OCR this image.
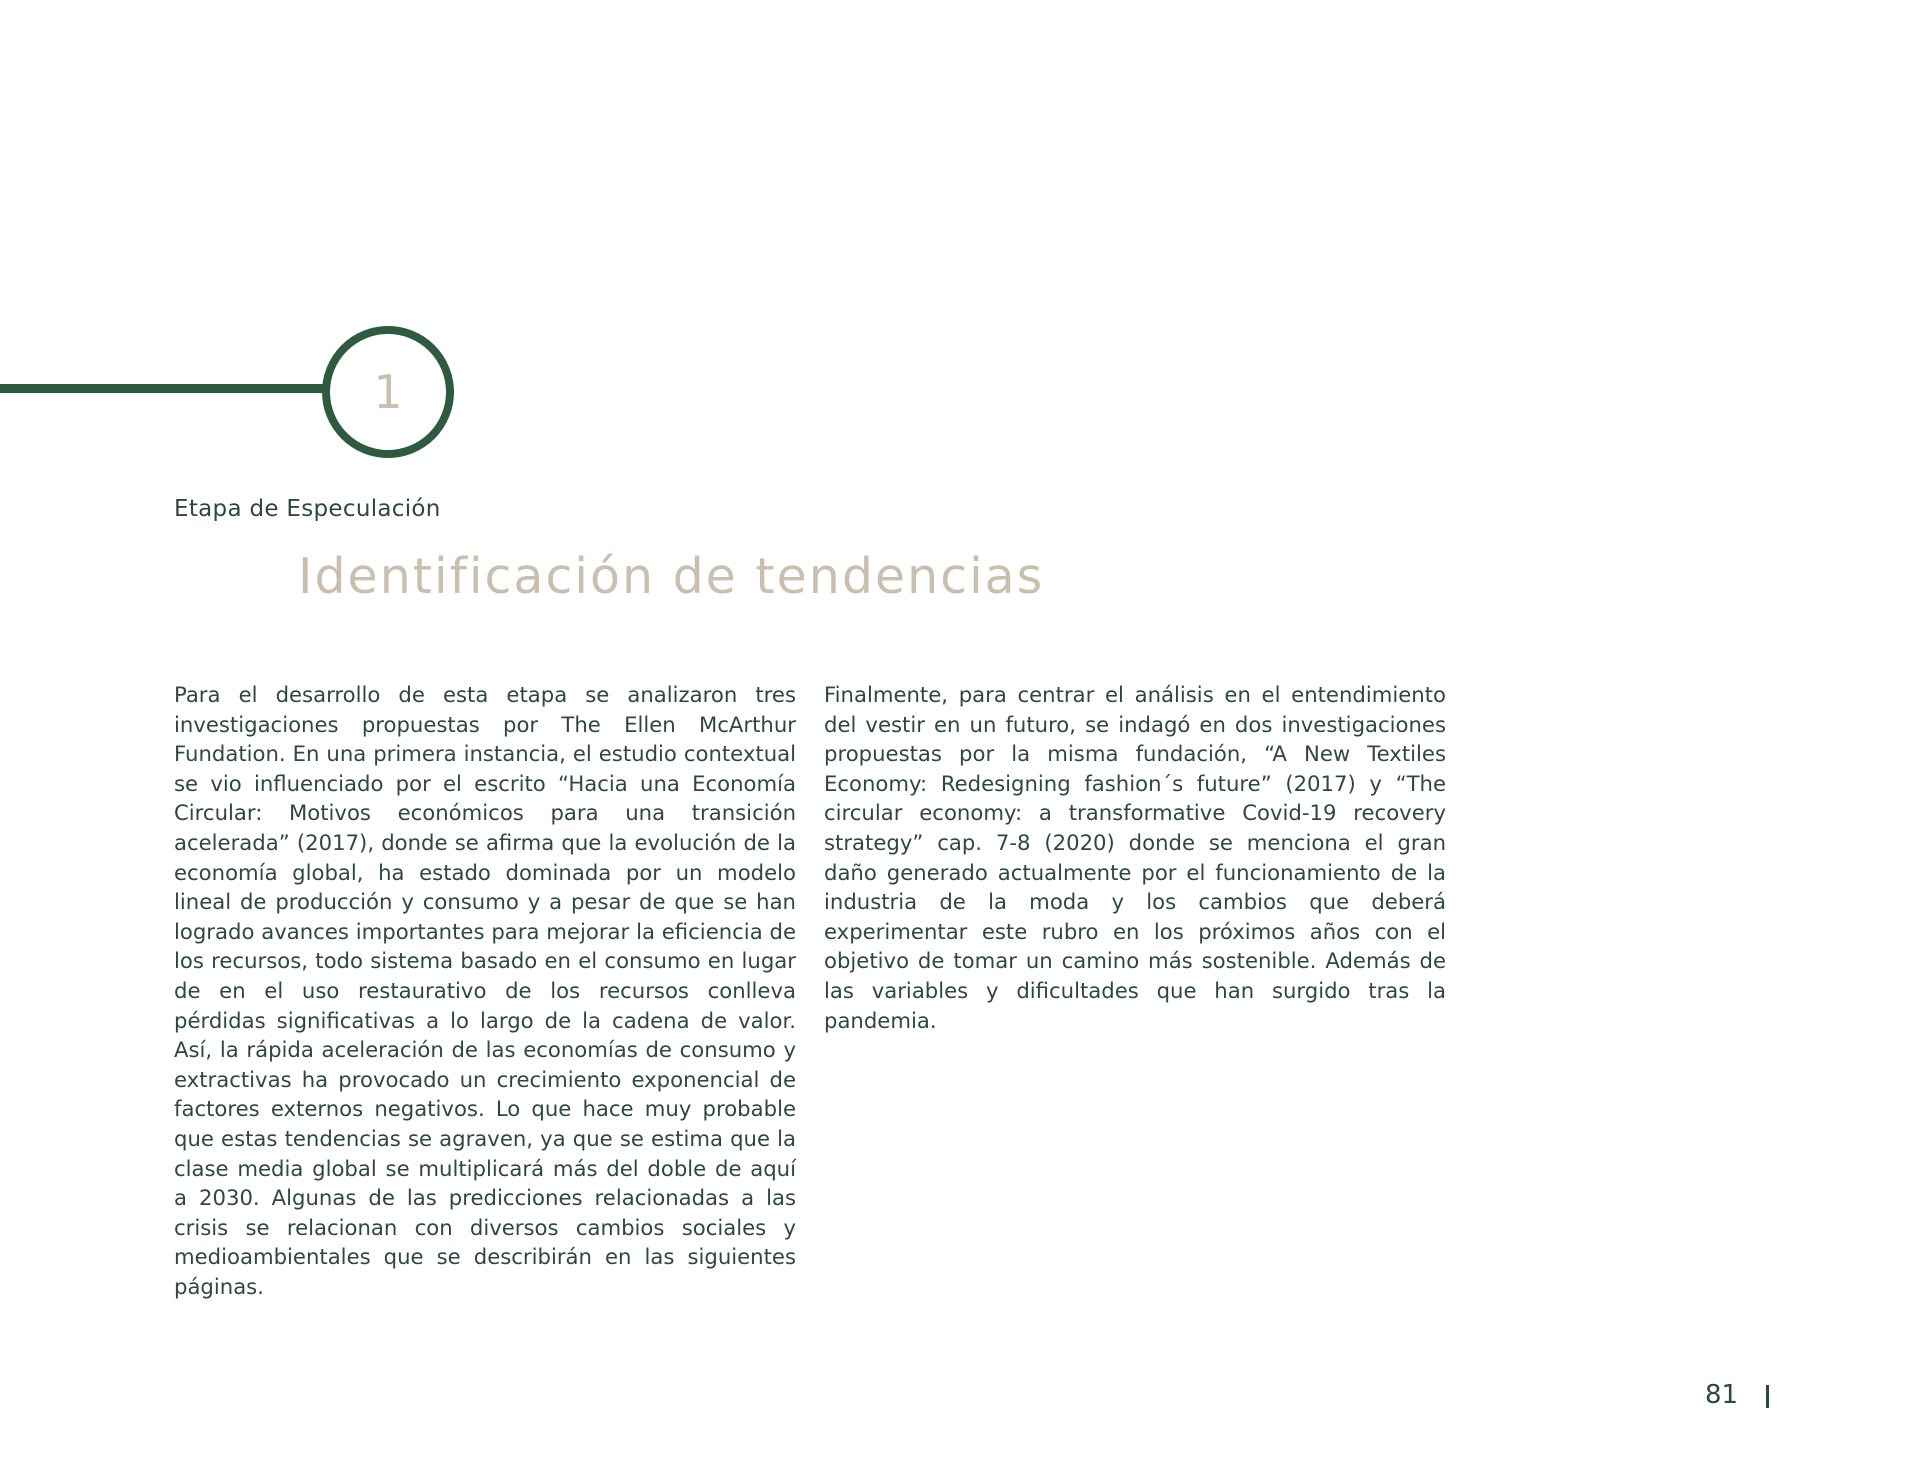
1
Etapa de Especulación
Identificación de tendencias

Para el desarrollo de esta etapa se analizaron tres investigaciones propuestas por The Ellen McArthur Fundation. En una primera instancia, el estudio contextual se vio influenciado por el escrito “Hacia una Economía Circular: Motivos económicos para una transición acelerada” (2017), donde se afirma que la evolución de la economía global, ha estado dominada por un modelo lineal de producción y consumo y a pesar de que se han logrado avances importantes para mejorar la eficiencia de los recursos, todo sistema basado en el consumo en lugar de en el uso restaurativo de los recursos conlleva pérdidas significativas a lo largo de la cadena de valor. Así, la rápida aceleración de las economías de consumo y extractivas ha provocado un crecimiento exponencial de factores externos negativos. Lo que hace muy probable que estas tendencias se agraven, ya que se estima que la clase media global se multiplicará más del doble de aquí a 2030. Algunas de las predicciones relacionadas a las crisis se relacionan con diversos cambios sociales y medioambientales que se describirán en las siguientes páginas.

Finalmente, para centrar el análisis en el entendimiento del vestir en un futuro, se indagó en dos investigaciones propuestas por la misma fundación, “A New Textiles Economy: Redesigning fashion´s future” (2017) y “The circular economy: a transformative Covid-19 recovery strategy” cap. 7-8 (2020) donde se menciona el gran daño generado actualmente por el funcionamiento de la industria de la moda y los cambios que deberá experimentar este rubro en los próximos años con el objetivo de tomar un camino más sostenible. Además de las variables y dificultades que han surgido tras la pandemia.

81
